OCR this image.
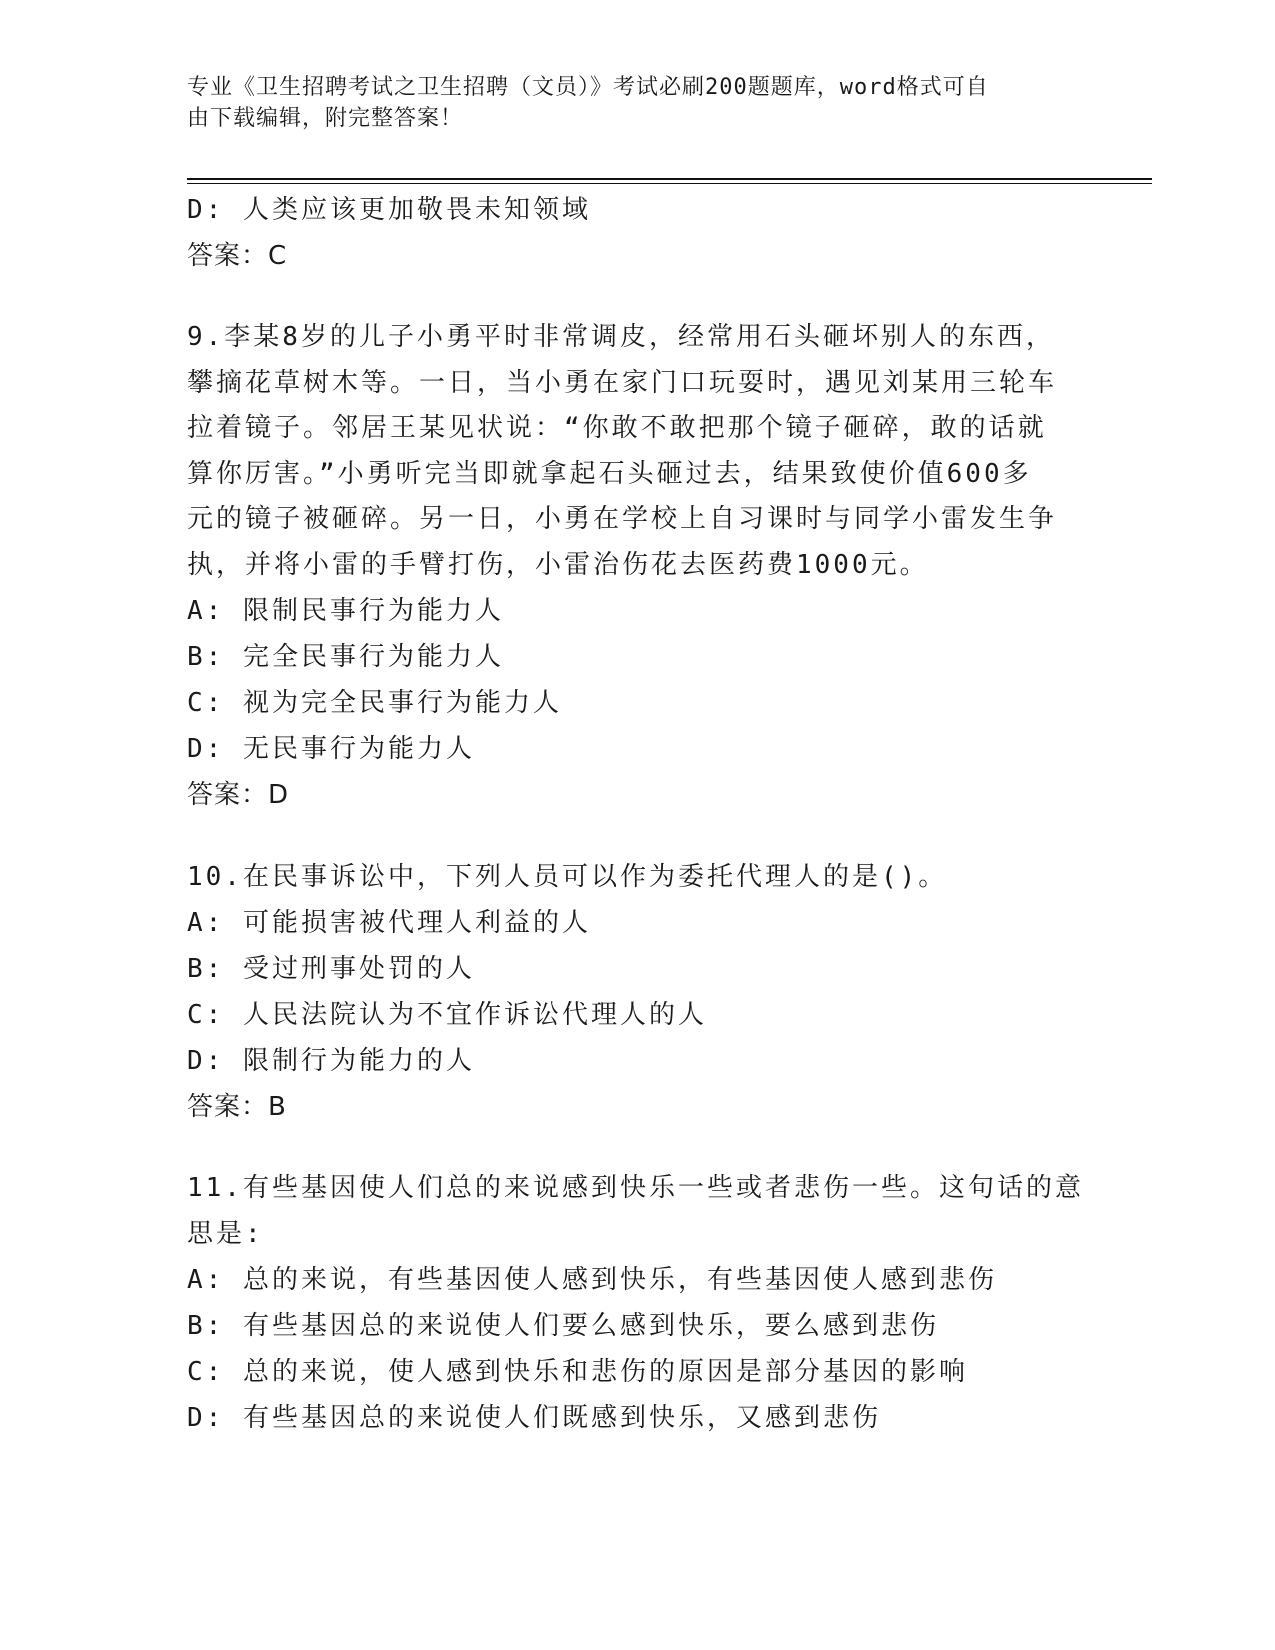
专业《卫生招聘考试之卫生招聘（文员）》考试必刷200题题库，word格式可自
由下载编辑，附完整答案！
D: 人类应该更加敬畏未知领域
答案：C
9.李某8岁的儿子小勇平时非常调皮，经常用石头砸坏别人的东西，
攀摘花草树木等。一日，当小勇在家门口玩耍时，遇见刘某用三轮车
拉着镜子。邻居王某见状说：“你敢不敢把那个镜子砸碎，敢的话就
算你厉害。”小勇听完当即就拿起石头砸过去，结果致使价值600多
元的镜子被砸碎。另一日，小勇在学校上自习课时与同学小雷发生争
执，并将小雷的手臂打伤，小雷治伤花去医药费1000元。
A: 限制民事行为能力人
B: 完全民事行为能力人
C: 视为完全民事行为能力人
D: 无民事行为能力人
答案：D
10.在民事诉讼中，下列人员可以作为委托代理人的是()。
A: 可能损害被代理人利益的人
B: 受过刑事处罚的人
C: 人民法院认为不宜作诉讼代理人的人
D: 限制行为能力的人
答案：B
11.有些基因使人们总的来说感到快乐一些或者悲伤一些。这句话的意
思是:
A: 总的来说，有些基因使人感到快乐，有些基因使人感到悲伤
B: 有些基因总的来说使人们要么感到快乐，要么感到悲伤
C: 总的来说，使人感到快乐和悲伤的原因是部分基因的影响
D: 有些基因总的来说使人们既感到快乐，又感到悲伤
